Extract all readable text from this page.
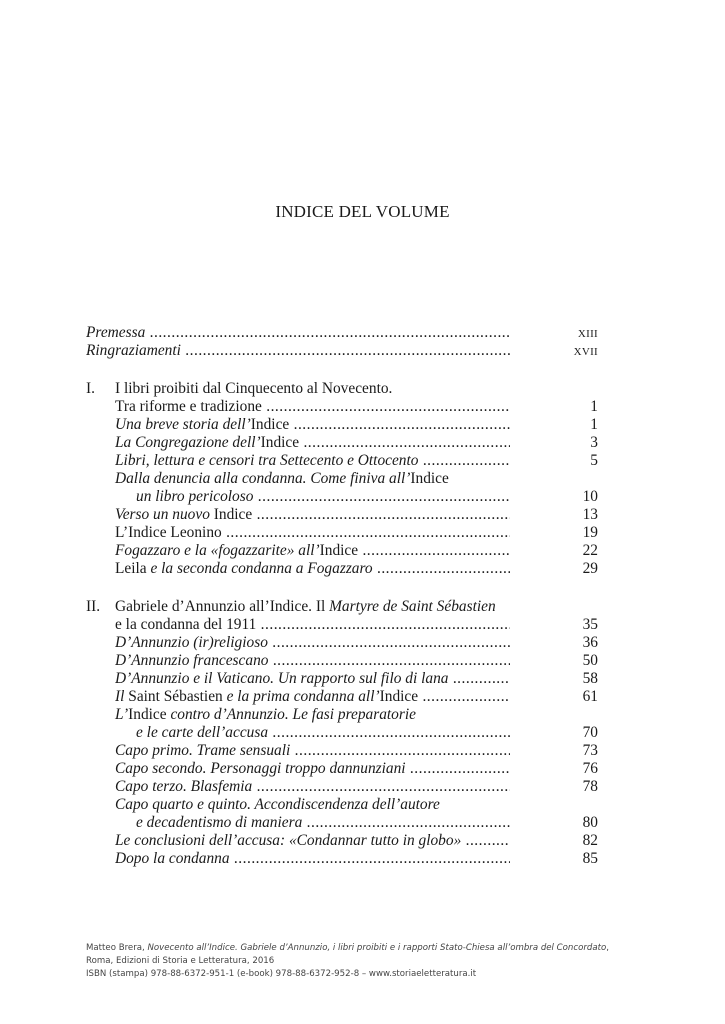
INDICE DEL VOLUME
Premessa .....	xiii
Ringraziamenti .....	xvii
I. I libri proibiti dal Cinquecento al Novecento.
Tra riforme e tradizione .....	1
Una breve storia dell’Indice .....	1
La Congregazione dell’Indice .....	3
Libri, lettura e censori tra Settecento e Ottocento .....	5
Dalla denuncia alla condanna. Come finiva all’Indice
un libro pericoloso .....	10
Verso un nuovo Indice .....	13
L’Indice Leonino .....	19
Fogazzaro e la «fogazzarite» all’Indice .....	22
Leila e la seconda condanna a Fogazzaro .....	29
II. Gabriele d’Annunzio all’Indice. Il Martyre de Saint Sébastien
e la condanna del 1911 .....	35
D’Annunzio (ir)religioso .....	36
D’Annunzio francescano .....	50
D’Annunzio e il Vaticano. Un rapporto sul filo di lana .....	58
Il Saint Sébastien e la prima condanna all’Indice .....	61
L’Indice contro d’Annunzio. Le fasi preparatorie
e le carte dell’accusa .....	70
Capo primo. Trame sensuali .....	73
Capo secondo. Personaggi troppo dannunziani .....	76
Capo terzo. Blasfemia .....	78
Capo quarto e quinto. Accondiscendenza dell’autore
e decadentismo di maniera .....	80
Le conclusioni dell’accusa: «Condannar tutto in globo» .....	82
Dopo la condanna .....	85
Matteo Brera, Novecento all’Indice. Gabriele d’Annunzio, i libri proibiti e i rapporti Stato-Chiesa all’ombra del Concordato,
Roma, Edizioni di Storia e Letteratura, 2016
ISBN (stampa) 978-88-6372-951-1 (e-book) 978-88-6372-952-8 – www.storiaeletteratura.it
